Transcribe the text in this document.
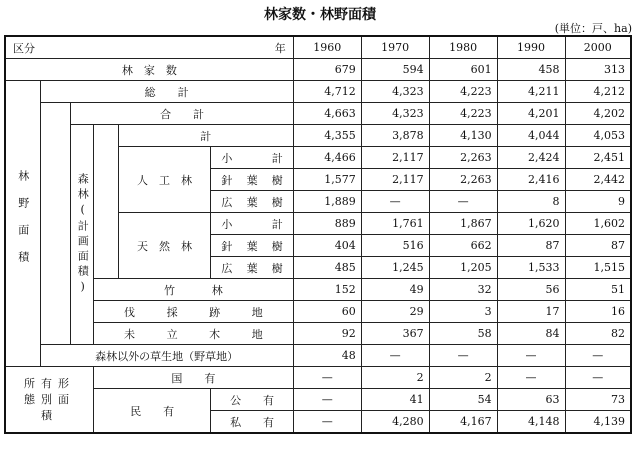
林家数・林野面積
(単位：戸、ha)
区分 年						1960	1970	1980	1990	2000
林　家　数						679	594	601	458	313
林野面積	総　　計					4,712	4,323	4,223	4,211	4,212
		合　　計				4,663	4,323	4,223	4,201	4,202
		森林(計画面積)		計		4,355	3,878	4,130	4,044	4,053
				人　工　林	小　　計	4,466	2,117	2,263	2,424	2,451
					針　葉　樹	1,577	2,117	2,263	2,416	2,442
					広　葉　樹	1,889	—	—	8	9
				天　然　林	小　　計	889	1,761	1,867	1,620	1,602
					針　葉　樹	404	516	662	87	87
					広　葉　樹	485	1,245	1,205	1,533	1,515
			竹　　林			152	49	32	56	51
			伐　採　跡　地			60	29	3	17	16
			未　立　木　地			92	367	58	84	82
	森林以外の草生地（野草地）					48	—	—	—	—
所有形態別面積			国　　有			—	2	2	—	—
			民　　有		公　　有	—	41	54	63	73
					私　　有	—	4,280	4,167	4,148	4,139
